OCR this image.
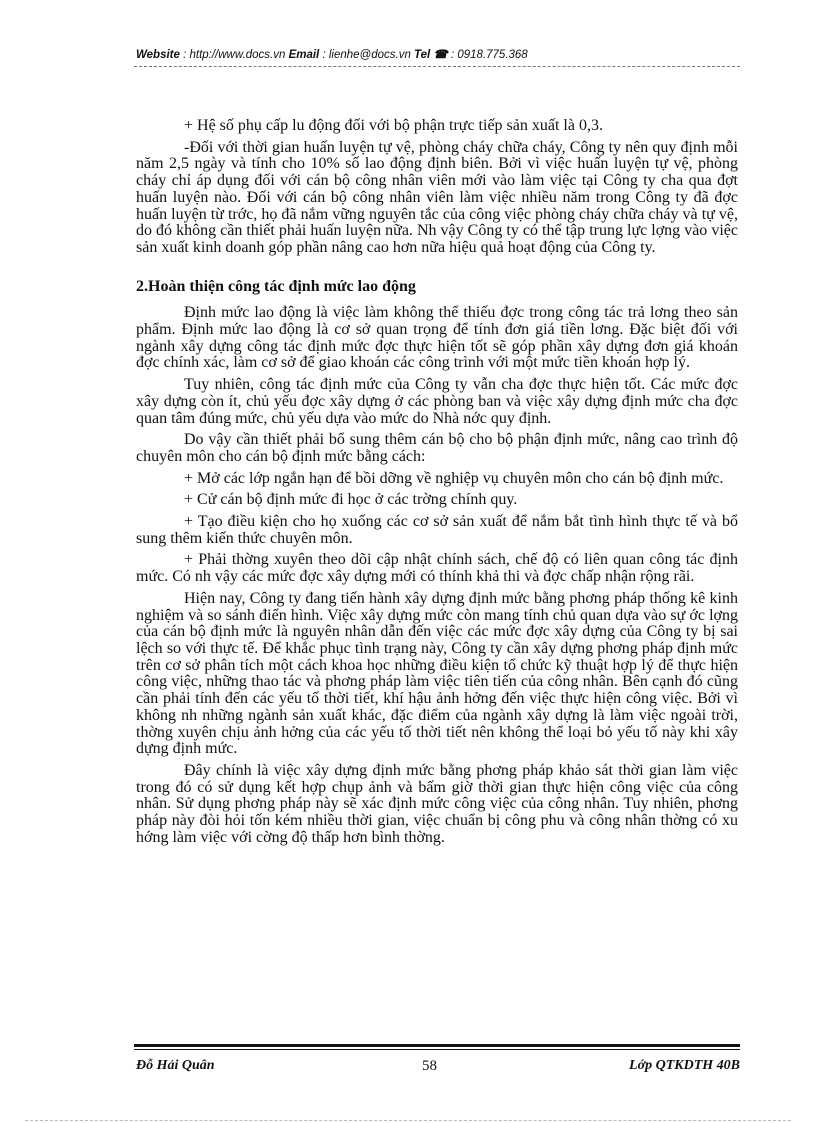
Website : http://www.docs.vn Email : lienhe@docs.vn Tel ☎ : 0918.775.368

+ Hệ số phụ cấp lu động đối với bộ phận trực tiếp sản xuất là 0,3.

-Đối với thời gian huấn luyện tự vệ, phòng cháy chữa cháy, Công ty nên quy định mỗi năm 2,5 ngày và tính cho 10% số lao động định biên. Bởi vì việc huấn luyện tự vệ, phòng cháy chỉ áp dụng đối với cán bộ công nhân viên mới vào làm việc tại Công ty cha qua đợt huấn luyện nào. Đối với cán bộ công nhân viên làm việc nhiều năm trong Công ty đã đợc huấn luyện từ trớc, họ đã nắm vững nguyên tắc của công việc phòng cháy chữa cháy và tự vệ, do đó không cần thiết phải huấn luyện nữa. Nh vậy Công ty có thể tập trung lực lợng vào việc sản xuất kinh doanh góp phần nâng cao hơn nữa hiệu quả hoạt động của Công ty.

2.Hoàn thiện công tác định mức lao động

Định mức lao động là việc làm không thể thiếu đợc trong công tác trả lơng theo sản phẩm. Định mức lao động là cơ sở quan trọng để tính đơn giá tiền lơng. Đặc biệt đối với ngành xây dựng công tác định mức đợc thực hiện tốt sẽ góp phần xây dựng đơn giá khoán đợc chính xác, làm cơ sở để giao khoán các công trình với một mức tiền khoán hợp lý.

Tuy nhiên, công tác định mức của Công ty vẫn cha đợc thực hiện tốt. Các mức đợc xây dựng còn ít, chủ yếu đợc xây dựng ở các phòng ban và việc xây dựng định mức cha đợc quan tâm đúng mức, chủ yếu dựa vào mức do Nhà nớc quy định.

Do vậy cần thiết phải bổ sung thêm cán bộ cho bộ phận định mức, nâng cao trình độ chuyên môn cho cán bộ định mức bằng cách:

+ Mở các lớp ngắn hạn để bồi dỡng về nghiệp vụ chuyên môn cho cán bộ định mức.

+ Cử cán bộ định mức đi học ở các trờng chính quy.

+ Tạo điều kiện cho họ xuống các cơ sở sản xuất để nắm bắt tình hình thực tế và bổ sung thêm kiến thức chuyên môn.

+ Phải thờng xuyên theo dõi cập nhật chính sách, chế độ có liên quan công tác định mức. Có nh vậy các mức đợc xây dựng mới có thính khả thi và đợc chấp nhận rộng rãi.

Hiện nay, Công ty đang tiến hành xây dựng định mức bằng phơng pháp thống kê kinh nghiệm và so sánh điển hình. Việc xây dựng mức còn mang tính chủ quan dựa vào sự ớc lợng của cán bộ định mức là nguyên nhân dẫn đến việc các mức đợc xây dựng của Công ty bị sai lệch so với thực tế. Để khắc phục tình trạng này, Công ty cần xây dựng phơng pháp định mức trên cơ sở phân tích một cách khoa học những điều kiện tổ chức kỹ thuật hợp lý để thực hiện công việc, những thao tác và phơng pháp làm việc tiên tiến của công nhân. Bên cạnh đó cũng cần phải tính đến các yếu tố thời tiết, khí hậu ảnh hởng đến việc thực hiện công việc. Bởi vì không nh những ngành sản xuất khác, đặc điểm của ngành xây dựng là làm việc ngoài trời, thờng xuyên chịu ảnh hởng của các yếu tố thời tiết nên không thể loại bỏ yếu tố này khi xây dựng định mức.

Đây chính là việc xây dựng định mức bằng phơng pháp khảo sát thời gian làm việc trong đó có sử dụng kết hợp chụp ảnh và bấm giờ thời gian thực hiện công việc của công nhân. Sử dụng phơng pháp này sẽ xác định mức công việc của công nhân. Tuy nhiên, phơng pháp này đòi hỏi tốn kém nhiều thời gian, việc chuẩn bị công phu và công nhân thờng có xu hớng làm việc với cờng độ thấp hơn bình thờng.

Đỗ Hải Quân	58	Lớp QTKDTH 40B
